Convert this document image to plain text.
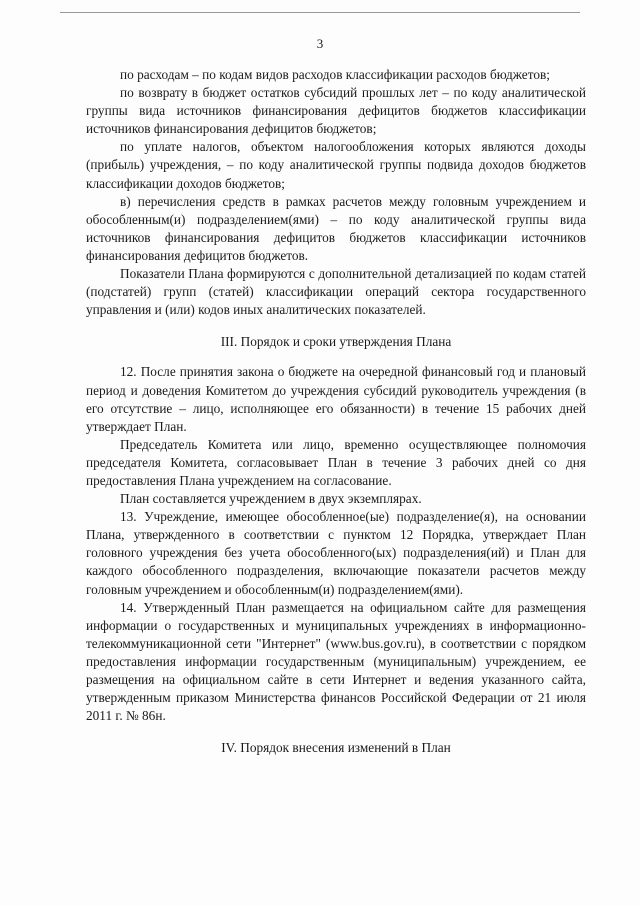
3

по расходам – по кодам видов расходов классификации расходов бюджетов;

по возврату в бюджет остатков субсидий прошлых лет – по коду аналитической группы вида источников финансирования дефицитов бюджетов классификации источников финансирования дефицитов бюджетов;

по уплате налогов, объектом налогообложения которых являются доходы (прибыль) учреждения, – по коду аналитической группы подвида доходов бюджетов классификации доходов бюджетов;

в) перечисления средств в рамках расчетов между головным учреждением и обособленным(и) подразделением(ями) – по коду аналитической группы вида источников финансирования дефицитов бюджетов классификации источников финансирования дефицитов бюджетов.

Показатели Плана формируются с дополнительной детализацией по кодам статей (подстатей) групп (статей) классификации операций сектора государственного управления и (или) кодов иных аналитических показателей.

III. Порядок и сроки утверждения Плана

12. После принятия закона о бюджете на очередной финансовый год и плановый период и доведения Комитетом до учреждения субсидий руководитель учреждения (в его отсутствие – лицо, исполняющее его обязанности) в течение 15 рабочих дней утверждает План.

Председатель Комитета или лицо, временно осуществляющее полномочия председателя Комитета, согласовывает План в течение 3 рабочих дней со дня предоставления Плана учреждением на согласование.

План составляется учреждением в двух экземплярах.

13. Учреждение, имеющее обособленное(ые) подразделение(я), на основании Плана, утвержденного в соответствии с пунктом 12 Порядка, утверждает План головного учреждения без учета обособленного(ых) подразделения(ий) и План для каждого обособленного подразделения, включающие показатели расчетов между головным учреждением и обособленным(и) подразделением(ями).

14. Утвержденный План размещается на официальном сайте для размещения информации о государственных и муниципальных учреждениях в информационно-телекоммуникационной сети "Интернет" (www.bus.gov.ru), в соответствии с порядком предоставления информации государственным (муниципальным) учреждением, ее размещения на официальном сайте в сети Интернет и ведения указанного сайта, утвержденным приказом Министерства финансов Российской Федерации от 21 июля 2011 г. № 86н.

IV. Порядок внесения изменений в План
